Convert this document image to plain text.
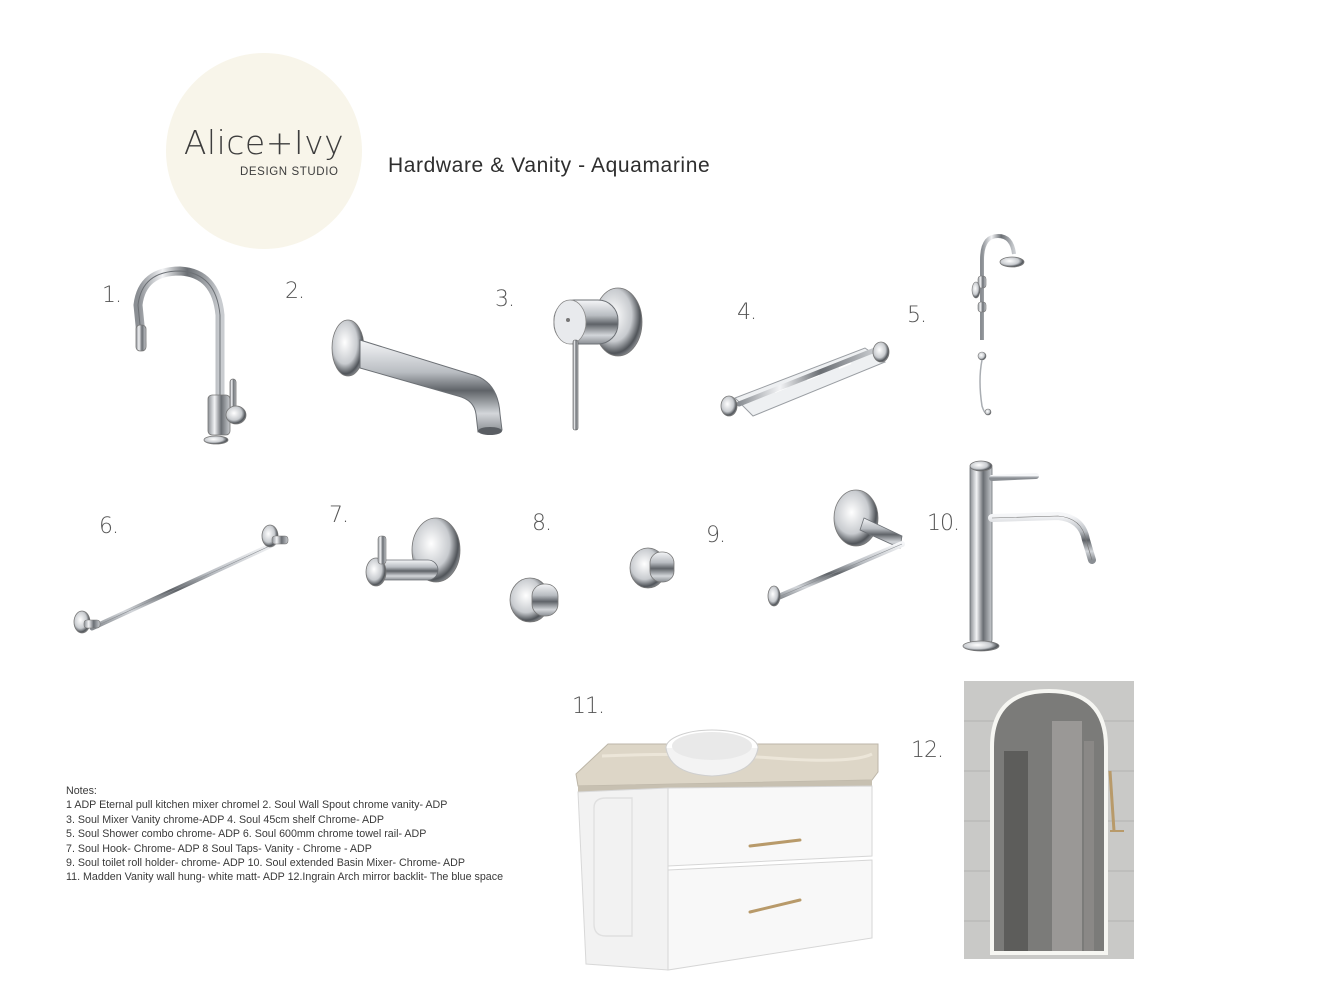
Alice+Ivy
DESIGN STUDIO Hardware & Vanity - Aquamarine
1.	2.	3.
4.	5.
6.	7.	8.	9.	10.
11.
12.
Notes:
1 ADP Eternal pull kitchen mixer chromel 2. Soul Wall Spout chrome vanity- ADP
3. Soul Mixer Vanity chrome-ADP 4. Soul 45cm shelf Chrome- ADP
5. Soul Shower combo chrome- ADP 6. Soul 600mm chrome towel rail- ADP
7. Soul Hook- Chrome- ADP 8 Soul Taps- Vanity - Chrome - ADP
9. Soul toilet roll holder- chrome- ADP 10. Soul extended Basin Mixer- Chrome- ADP
11. Madden Vanity wall hung- white matt- ADP 12.Ingrain Arch mirror backlit- The blue space
